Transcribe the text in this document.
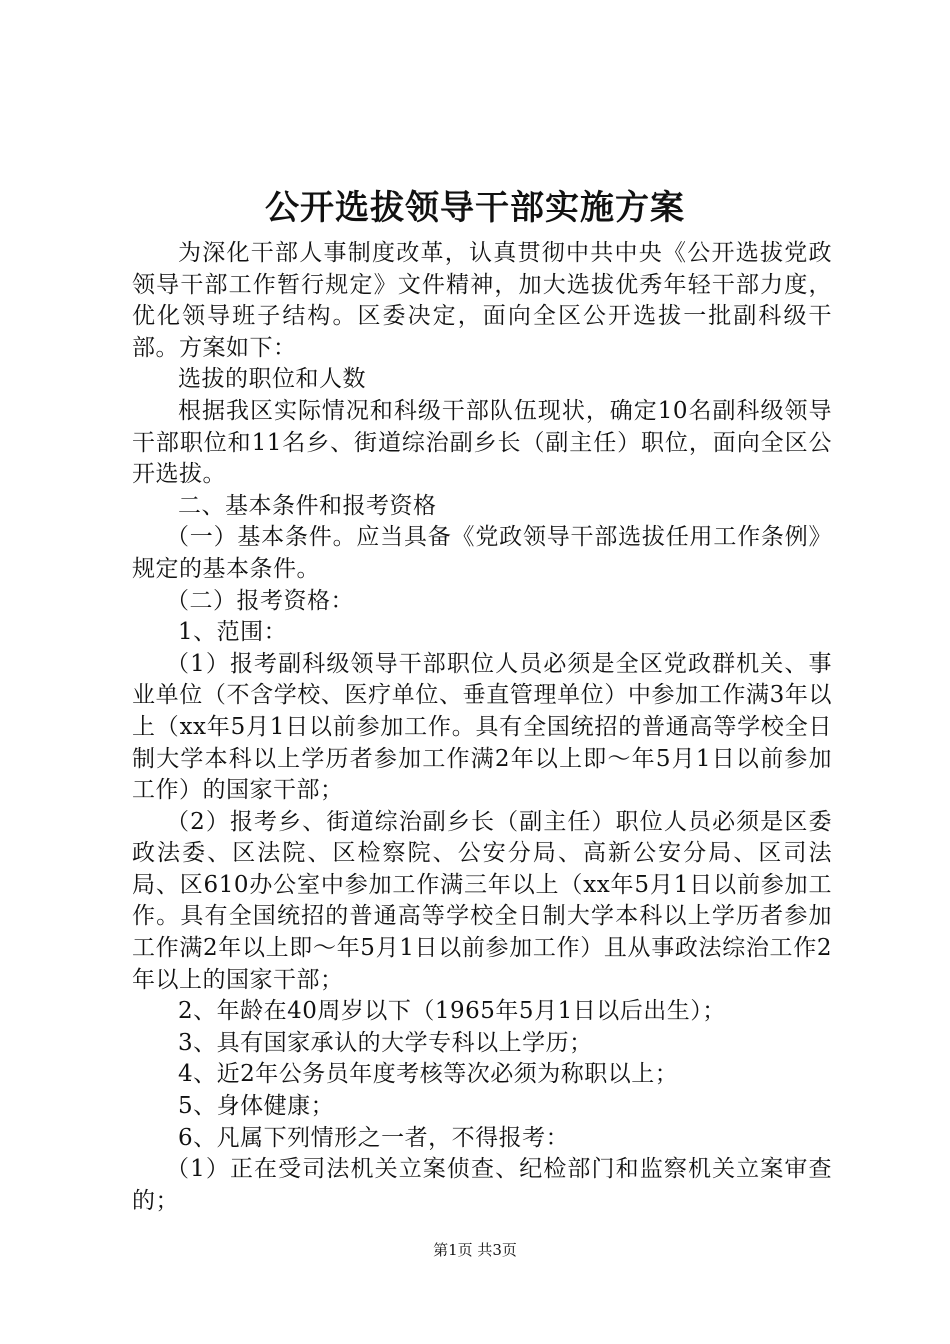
公开选拔领导干部实施方案

为深化干部人事制度改革，认真贯彻中共中央《公开选拔党政领导干部工作暂行规定》文件精神，加大选拔优秀年轻干部力度，优化领导班子结构。区委决定，面向全区公开选拔一批副科级干部。方案如下：

选拔的职位和人数

根据我区实际情况和科级干部队伍现状，确定10名副科级领导干部职位和11名乡、街道综治副乡长（副主任）职位，面向全区公开选拔。

二、基本条件和报考资格

（一）基本条件。应当具备《党政领导干部选拔任用工作条例》规定的基本条件。

（二）报考资格：

1、范围：

（1）报考副科级领导干部职位人员必须是全区党政群机关、事业单位（不含学校、医疗单位、垂直管理单位）中参加工作满3年以上（xx年5月1日以前参加工作。具有全国统招的普通高等学校全日制大学本科以上学历者参加工作满2年以上即～年5月1日以前参加工作）的国家干部；

（2）报考乡、街道综治副乡长（副主任）职位人员必须是区委政法委、区法院、区检察院、公安分局、高新公安分局、区司法局、区610办公室中参加工作满三年以上（xx年5月1日以前参加工作。具有全国统招的普通高等学校全日制大学本科以上学历者参加工作满2年以上即～年5月1日以前参加工作）且从事政法综治工作2年以上的国家干部；

2、年龄在40周岁以下（1965年5月1日以后出生）；

3、具有国家承认的大学专科以上学历；

4、近2年公务员年度考核等次必须为称职以上；

5、身体健康；

6、凡属下列情形之一者，不得报考：

（1）正在受司法机关立案侦查、纪检部门和监察机关立案审查的；

第1页 共3页
